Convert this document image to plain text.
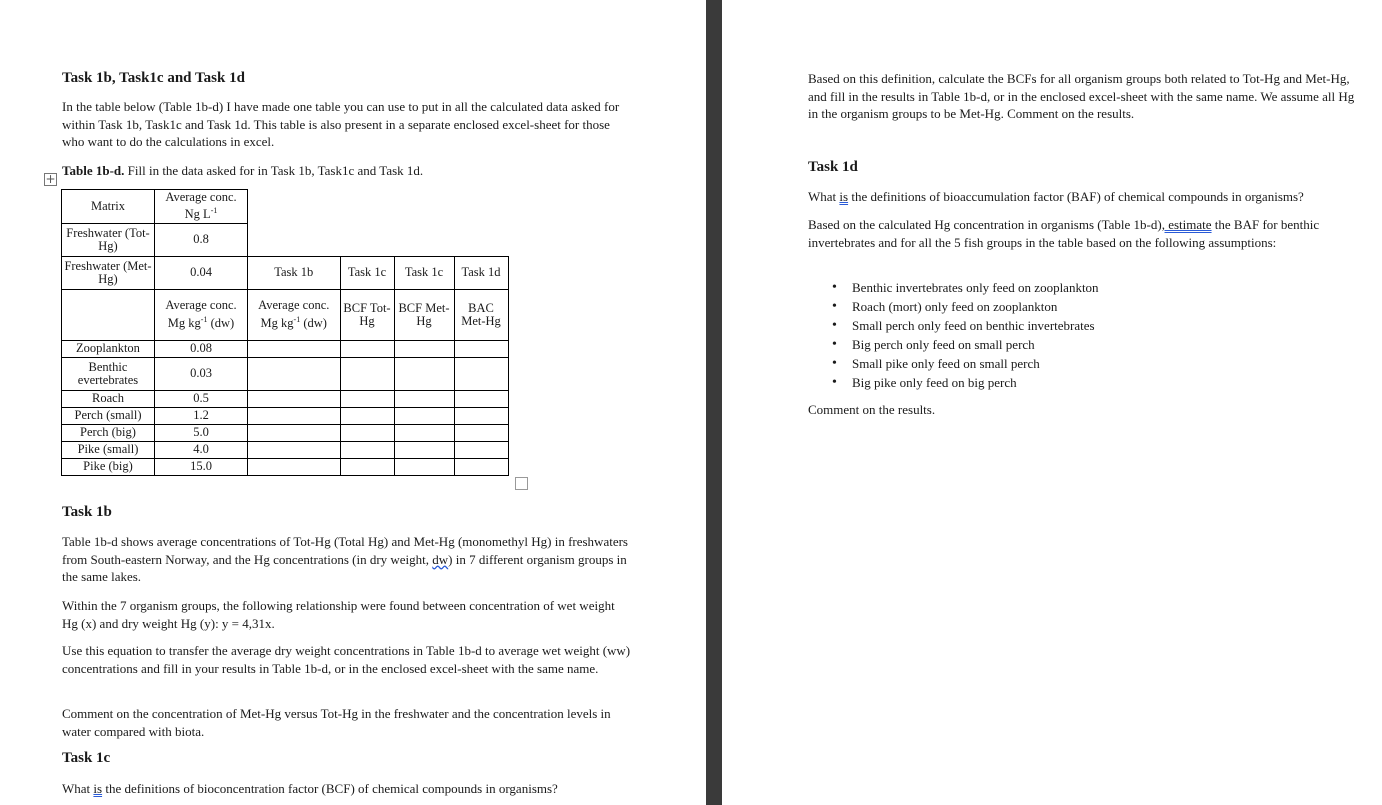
Task 1b, Task1c and Task 1d

In the table below (Table 1b-d) I have made one table you can use to put in all the calculated data asked for within Task 1b, Task1c and Task 1d. This table is also present in a separate enclosed excel-sheet for those who want to do the calculations in excel.

Table 1b-d. Fill in the data asked for in Task 1b, Task1c and Task 1d.
+
Matrix	Average conc. Ng $L^{-1}$				
Freshwater (Tot-Hg)	0.8				
Freshwater (Met- Hg)	0.04	Task 1b	Task 1c	Task 1c	Task 1d
	Average conc. Mg $kg^{-1}$ (dw)	Average conc. Mg $kg^{-1}$ (dw)	BCF Tot-Hg	BCF Met-Hg	BAC Met-Hg
Zooplankton	0.08				
Benthic evertebrates	0.03				
Roach	0.5				
Perch (small)	1.2				
Perch (big)	5.0				
Pike (small)	4.0				
Pike (big)	15.0				

Task 1b

Table 1b-d shows average concentrations of Tot-Hg (Total Hg) and Met-Hg (monomethyl Hg) in freshwaters from South-eastern Norway, and the Hg concentrations (in dry weight, dw) in 7 different organism groups in the same lakes.

Within the 7 organism groups, the following relationship were found between concentration of wet weight Hg (x) and dry weight Hg (y): y = 4,31x.

Use this equation to transfer the average dry weight concentrations in Table 1b-d to average wet weight (ww) concentrations and fill in your results in Table 1b-d, or in the enclosed excel-sheet with the same name.

Comment on the concentration of Met-Hg versus Tot-Hg in the freshwater and the concentration levels in water compared with biota.

Task 1c

What is the definitions of bioconcentration factor (BCF) of chemical compounds in organisms?

Based on this definition, calculate the BCFs for all organism groups both related to Tot-Hg and Met-Hg, and fill in the results in Table 1b-d, or in the enclosed excel-sheet with the same name. We assume all Hg in the organism groups to be Met-Hg. Comment on the results.

Task 1d

What is the definitions of bioaccumulation factor (BAF) of chemical compounds in organisms?

Based on the calculated Hg concentration in organisms (Table 1b-d), estimate the BAF for benthic invertebrates and for all the 5 fish groups in the table based on the following assumptions:

• Benthic invertebrates only feed on zooplankton
• Roach (mort) only feed on zooplankton
• Small perch only feed on benthic invertebrates
• Big perch only feed on small perch
• Small pike only feed on small perch
• Big pike only feed on big perch

Comment on the results.
